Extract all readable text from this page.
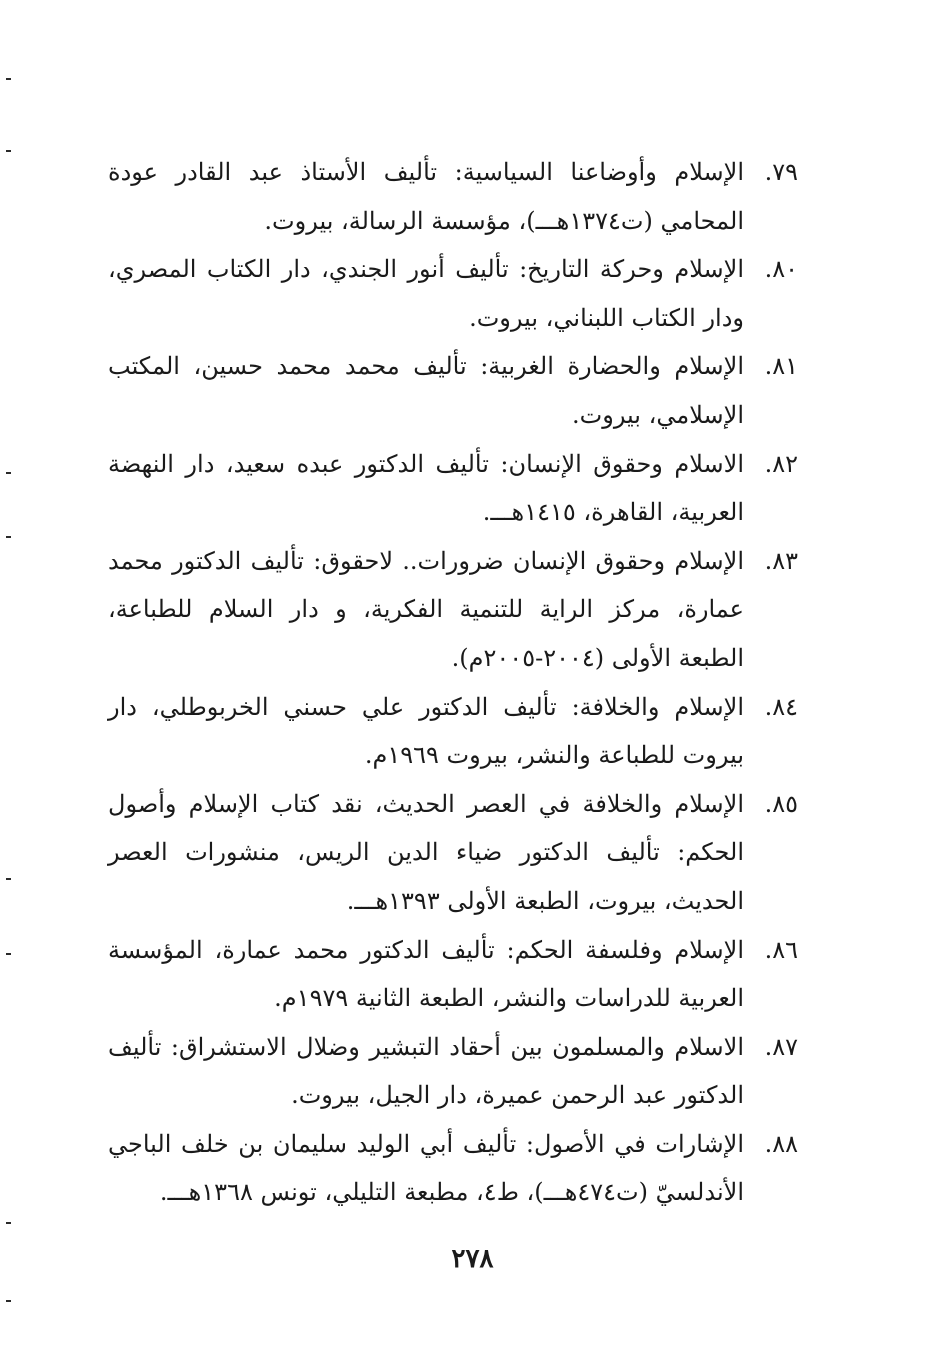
٧٩.
الإسلام وأوضاعنا السياسية: تأليف الأستاذ عبد القادر عودة المحامي (ت١٣٧٤هـــ)، مؤسسة الرسالة، بيروت.
٨٠.
الإسلام وحركة التاريخ: تأليف أنور الجندي، دار الكتاب المصري، ودار الكتاب اللبناني، بيروت.
٨١.
الإسلام والحضارة الغربية: تأليف محمد محمد حسين، المكتب الإسلامي، بيروت.
٨٢.
الاسلام وحقوق الإنسان: تأليف الدكتور عبده سعيد، دار النهضة العربية، القاهرة، ١٤١٥هـــ.
٨٣.
الإسلام وحقوق الإنسان ضرورات.. لاحقوق: تأليف الدكتور محمد عمارة، مركز الراية للتنمية الفكرية، و دار السلام للطباعة، الطبعة الأولى (٢٠٠٤-٢٠٠٥م).
٨٤.
الإسلام والخلافة: تأليف الدكتور علي حسني الخربوطلي، دار بيروت للطباعة والنشر، بيروت ١٩٦٩م.
٨٥.
الإسلام والخلافة في العصر الحديث، نقد كتاب الإسلام وأصول الحكم: تأليف الدكتور ضياء الدين الريس، منشورات العصر الحديث، بيروت، الطبعة الأولى ١٣٩٣هـــ.
٨٦.
الإسلام وفلسفة الحكم: تأليف الدكتور محمد عمارة، المؤسسة العربية للدراسات والنشر، الطبعة الثانية ١٩٧٩م.
٨٧.
الاسلام والمسلمون بين أحقاد التبشير وضلال الاستشراق: تأليف الدكتور عبد الرحمن عميرة، دار الجيل، بيروت.
٨٨.
الإشارات في الأصول: تأليف أبي الوليد سليمان بن خلف الباجي الأندلسيّ (ت٤٧٤هـــ)، ط٤، مطبعة التليلي، تونس ١٣٦٨هـــ.
٢٧٨
